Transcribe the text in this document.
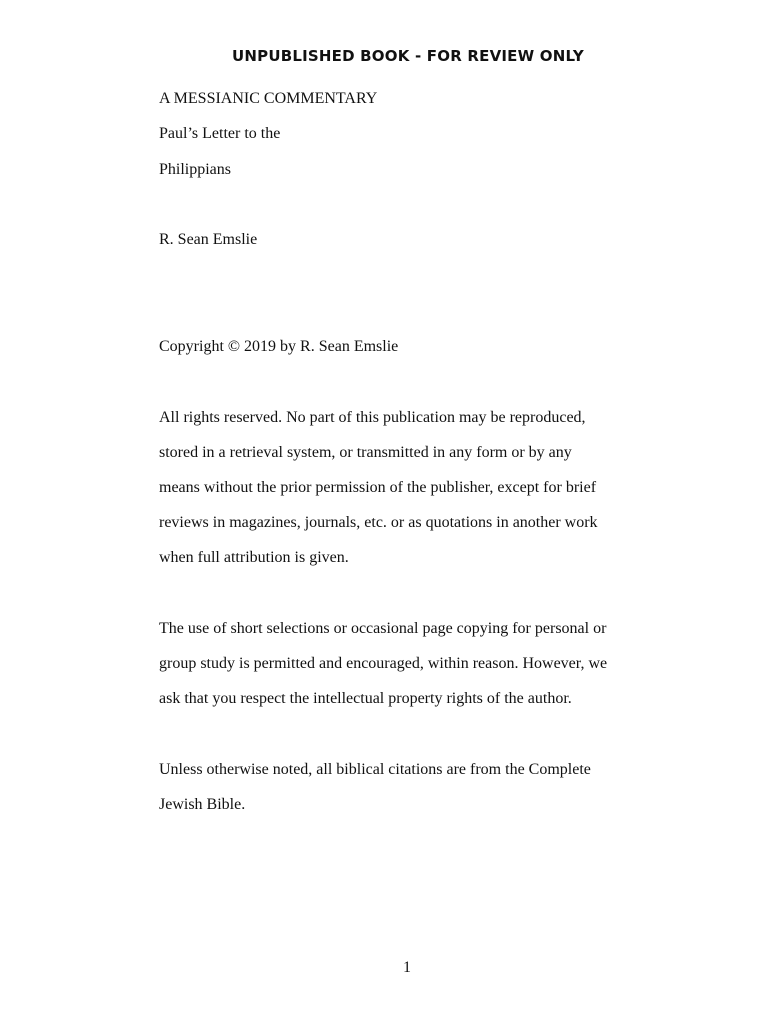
UNPUBLISHED BOOK - FOR REVIEW ONLY
A MESSIANIC COMMENTARY
Paul’s Letter to the
Philippians
R. Sean Emslie
Copyright © 2019 by R. Sean Emslie
All rights reserved. No part of this publication may be reproduced,
stored in a retrieval system, or transmitted in any form or by any
means without the prior permission of the publisher, except for brief
reviews in magazines, journals, etc. or as quotations in another work
when full attribution is given.
The use of short selections or occasional page copying for personal or
group study is permitted and encouraged, within reason. However, we
ask that you respect the intellectual property rights of the author.
Unless otherwise noted, all biblical citations are from the Complete
Jewish Bible.
1
